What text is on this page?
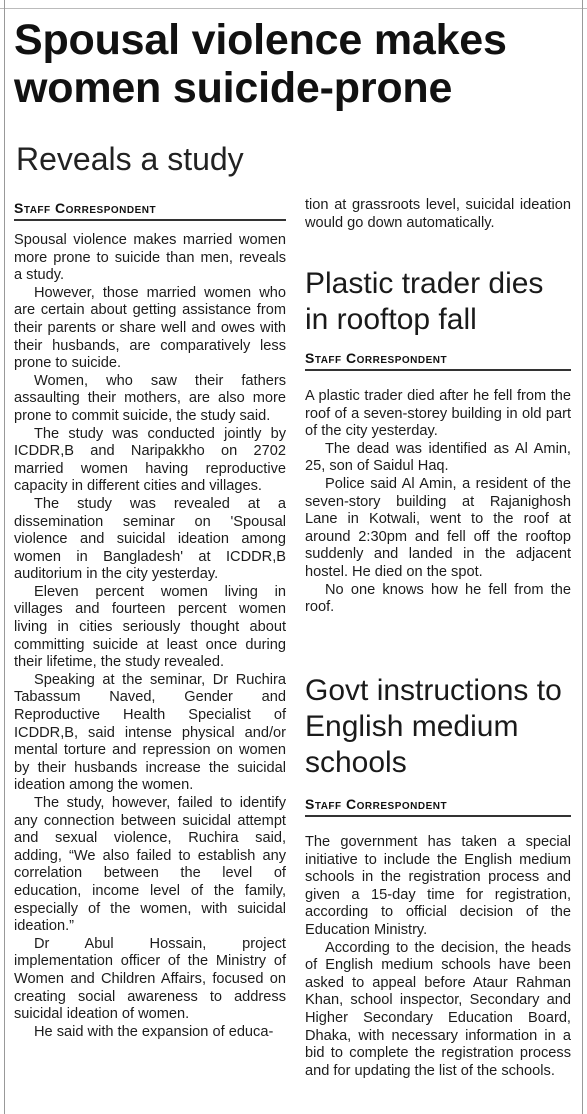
Spousal violence makes women suicide-prone
Reveals a study
Staff Correspondent

Spousal violence makes married women more prone to suicide than men, reveals a study.

However, those married women who are certain about getting assistance from their parents or share well and owes with their husbands, are comparatively less prone to suicide.

Women, who saw their fathers assaulting their mothers, are also more prone to commit suicide, the study said.

The study was conducted jointly by ICDDR,B and Naripakkho on 2702 married women having reproductive capacity in different cities and villages.

The study was revealed at a dissemination seminar on 'Spousal violence and suicidal ideation among women in Bangladesh' at ICDDR,B auditorium in the city yesterday.

Eleven percent women living in villages and fourteen percent women living in cities seriously thought about committing suicide at least once during their lifetime, the study revealed.

Speaking at the seminar, Dr Ruchira Tabassum Naved, Gender and Reproductive Health Specialist of ICDDR,B, said intense physical and/or mental torture and repression on women by their husbands increase the suicidal ideation among the women.

The study, however, failed to identify any connection between suicidal attempt and sexual violence, Ruchira said, adding, “We also failed to establish any correlation between the level of education, income level of the family, especially of the women, with suicidal ideation.”

Dr Abul Hossain, project implementation officer of the Ministry of Women and Children Affairs, focused on creating social awareness to address suicidal ideation of women.

He said with the expansion of educa-

tion at grassroots level, suicidal ideation would go down automatically.

Plastic trader dies in rooftop fall
Staff Correspondent

A plastic trader died after he fell from the roof of a seven-storey building in old part of the city yesterday.

The dead was identified as Al Amin, 25, son of Saidul Haq.

Police said Al Amin, a resident of the seven-story building at Rajanighosh Lane in Kotwali, went to the roof at around 2:30pm and fell off the rooftop suddenly and landed in the adjacent hostel. He died on the spot.

No one knows how he fell from the roof.

Govt instructions to English medium schools
Staff Correspondent

The government has taken a special initiative to include the English medium schools in the registration process and given a 15-day time for registration, according to official decision of the Education Ministry.

According to the decision, the heads of English medium schools have been asked to appeal before Ataur Rahman Khan, school inspector, Secondary and Higher Secondary Education Board, Dhaka, with necessary information in a bid to complete the registration process and for updating the list of the schools.
